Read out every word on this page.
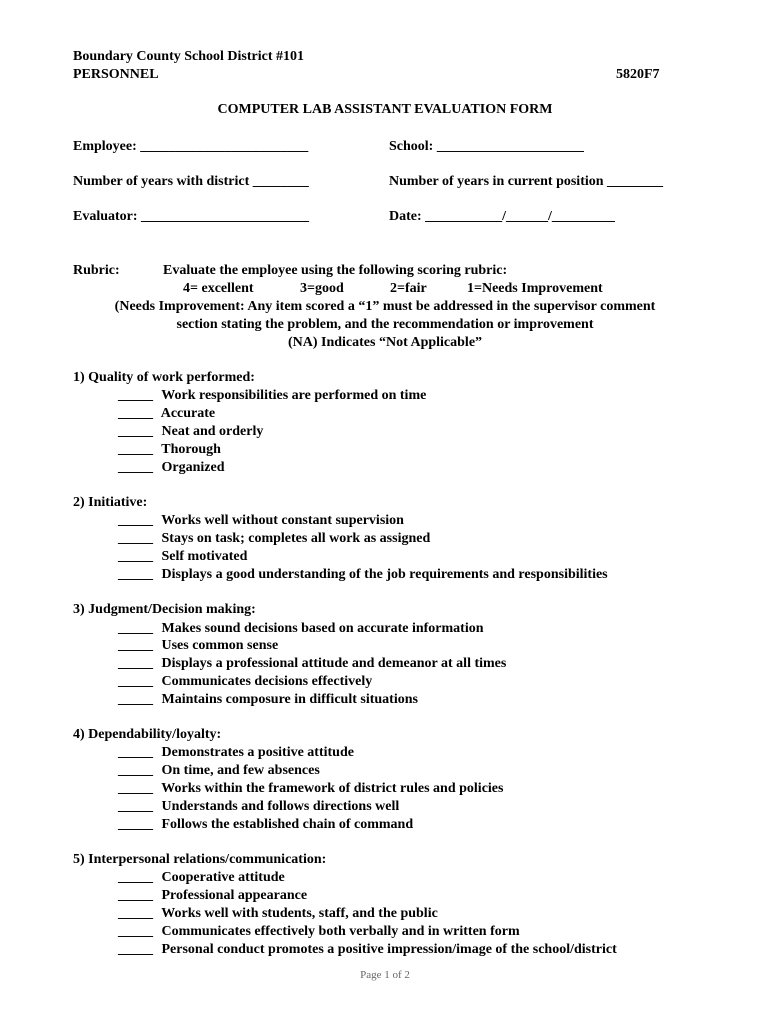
Boundary County School District #101
PERSONNEL	5820F7
COMPUTER LAB ASSISTANT EVALUATION FORM
Employee: ________________________	School: _____________________
Number of years with district ________	Number of years in current position ________
Evaluator: ________________________	Date: ___________/______/_________
Rubric:	Evaluate the employee using the following scoring rubric:
4= excellent	3=good	2=fair	1=Needs Improvement
(Needs Improvement: Any item scored a “1” must be addressed in the supervisor comment
section stating the problem, and the recommendation or improvement
(NA) Indicates “Not Applicable”
1) Quality of work performed:
_____ Work responsibilities are performed on time
_____ Accurate
_____ Neat and orderly
_____ Thorough
_____ Organized
2) Initiative:
_____ Works well without constant supervision
_____ Stays on task; completes all work as assigned
_____ Self motivated
_____ Displays a good understanding of the job requirements and responsibilities
3) Judgment/Decision making:
_____ Makes sound decisions based on accurate information
_____ Uses common sense
_____ Displays a professional attitude and demeanor at all times
_____ Communicates decisions effectively
_____ Maintains composure in difficult situations
4) Dependability/loyalty:
_____ Demonstrates a positive attitude
_____ On time, and few absences
_____ Works within the framework of district rules and policies
_____ Understands and follows directions well
_____ Follows the established chain of command
5) Interpersonal relations/communication:
_____ Cooperative attitude
_____ Professional appearance
_____ Works well with students, staff, and the public
_____ Communicates effectively both verbally and in written form
_____ Personal conduct promotes a positive impression/image of the school/district
Page 1 of 2
